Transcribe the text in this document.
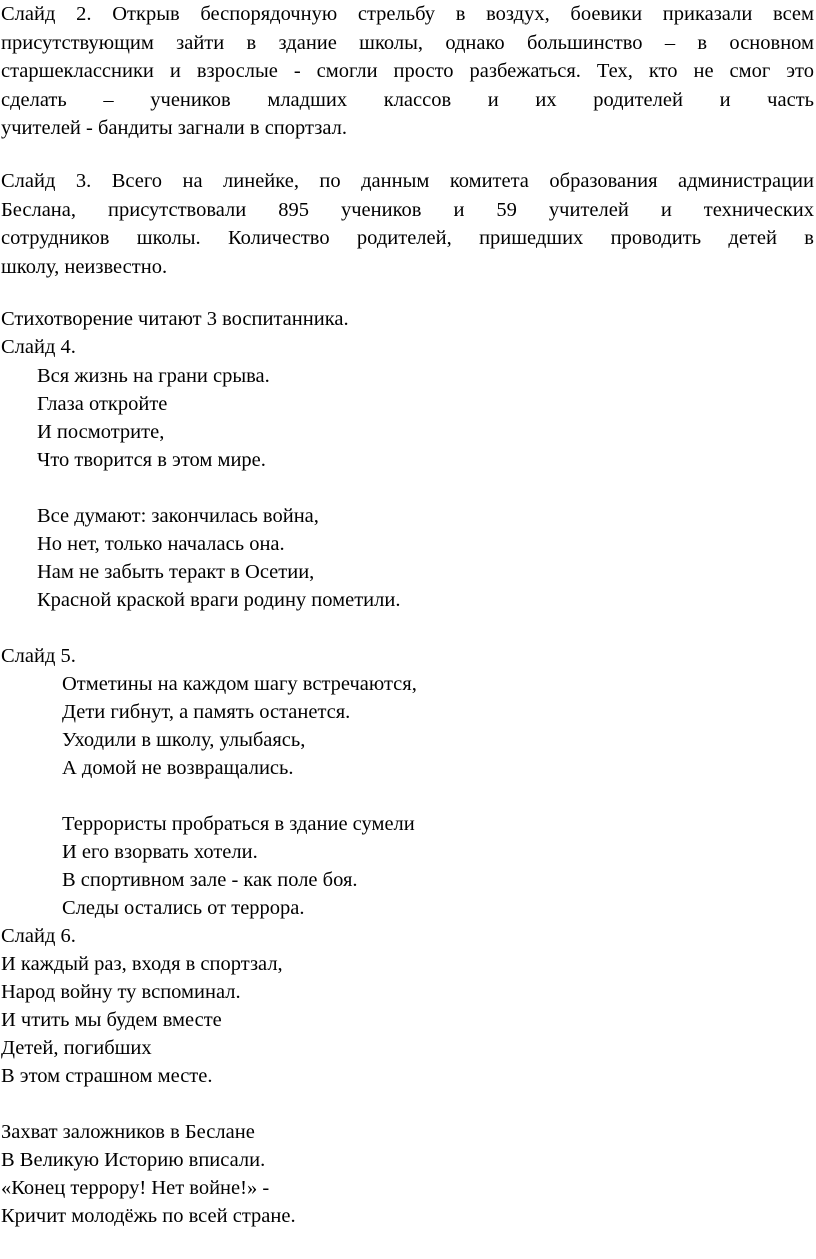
Слайд 2. Открыв беспорядочную стрельбу в воздух, боевики приказали всем
присутствующим зайти в здание школы, однако большинство – в основном
старшеклассники и взрослые - смогли просто разбежаться. Тех, кто не смог это
сделать – учеников младших классов и их родителей и часть
учителей - бандиты загнали в спортзал.
Слайд 3. Всего на линейке, по данным комитета образования администрации
Беслана, присутствовали 895 учеников и 59 учителей и технических
сотрудников школы. Количество родителей, пришедших проводить детей в
школу, неизвестно.

Стихотворение читают 3 воспитанника.

Слайд 4.

Вся жизнь на грани срыва.

Глаза откройте

И посмотрите,

Что творится в этом мире.

Все думают: закончилась война,

Но нет, только началась она.

Нам не забыть теракт в Осетии,

Красной краской враги родину пометили.

Слайд 5.

Отметины на каждом шагу встречаются,

Дети гибнут, а память останется.

Уходили в школу, улыбаясь,

А домой не возвращались.

Террористы пробраться в здание сумели

И его взорвать хотели.

В спортивном зале - как поле боя.

Следы остались от террора.

Слайд 6.

И каждый раз, входя в спортзал,

Народ войну ту вспоминал.

И чтить мы будем вместе

Детей, погибших

В этом страшном месте.

Захват заложников в Беслане

В Великую Историю вписали.

«Конец террору! Нет войне!» -

Кричит молодёжь по всей стране.
